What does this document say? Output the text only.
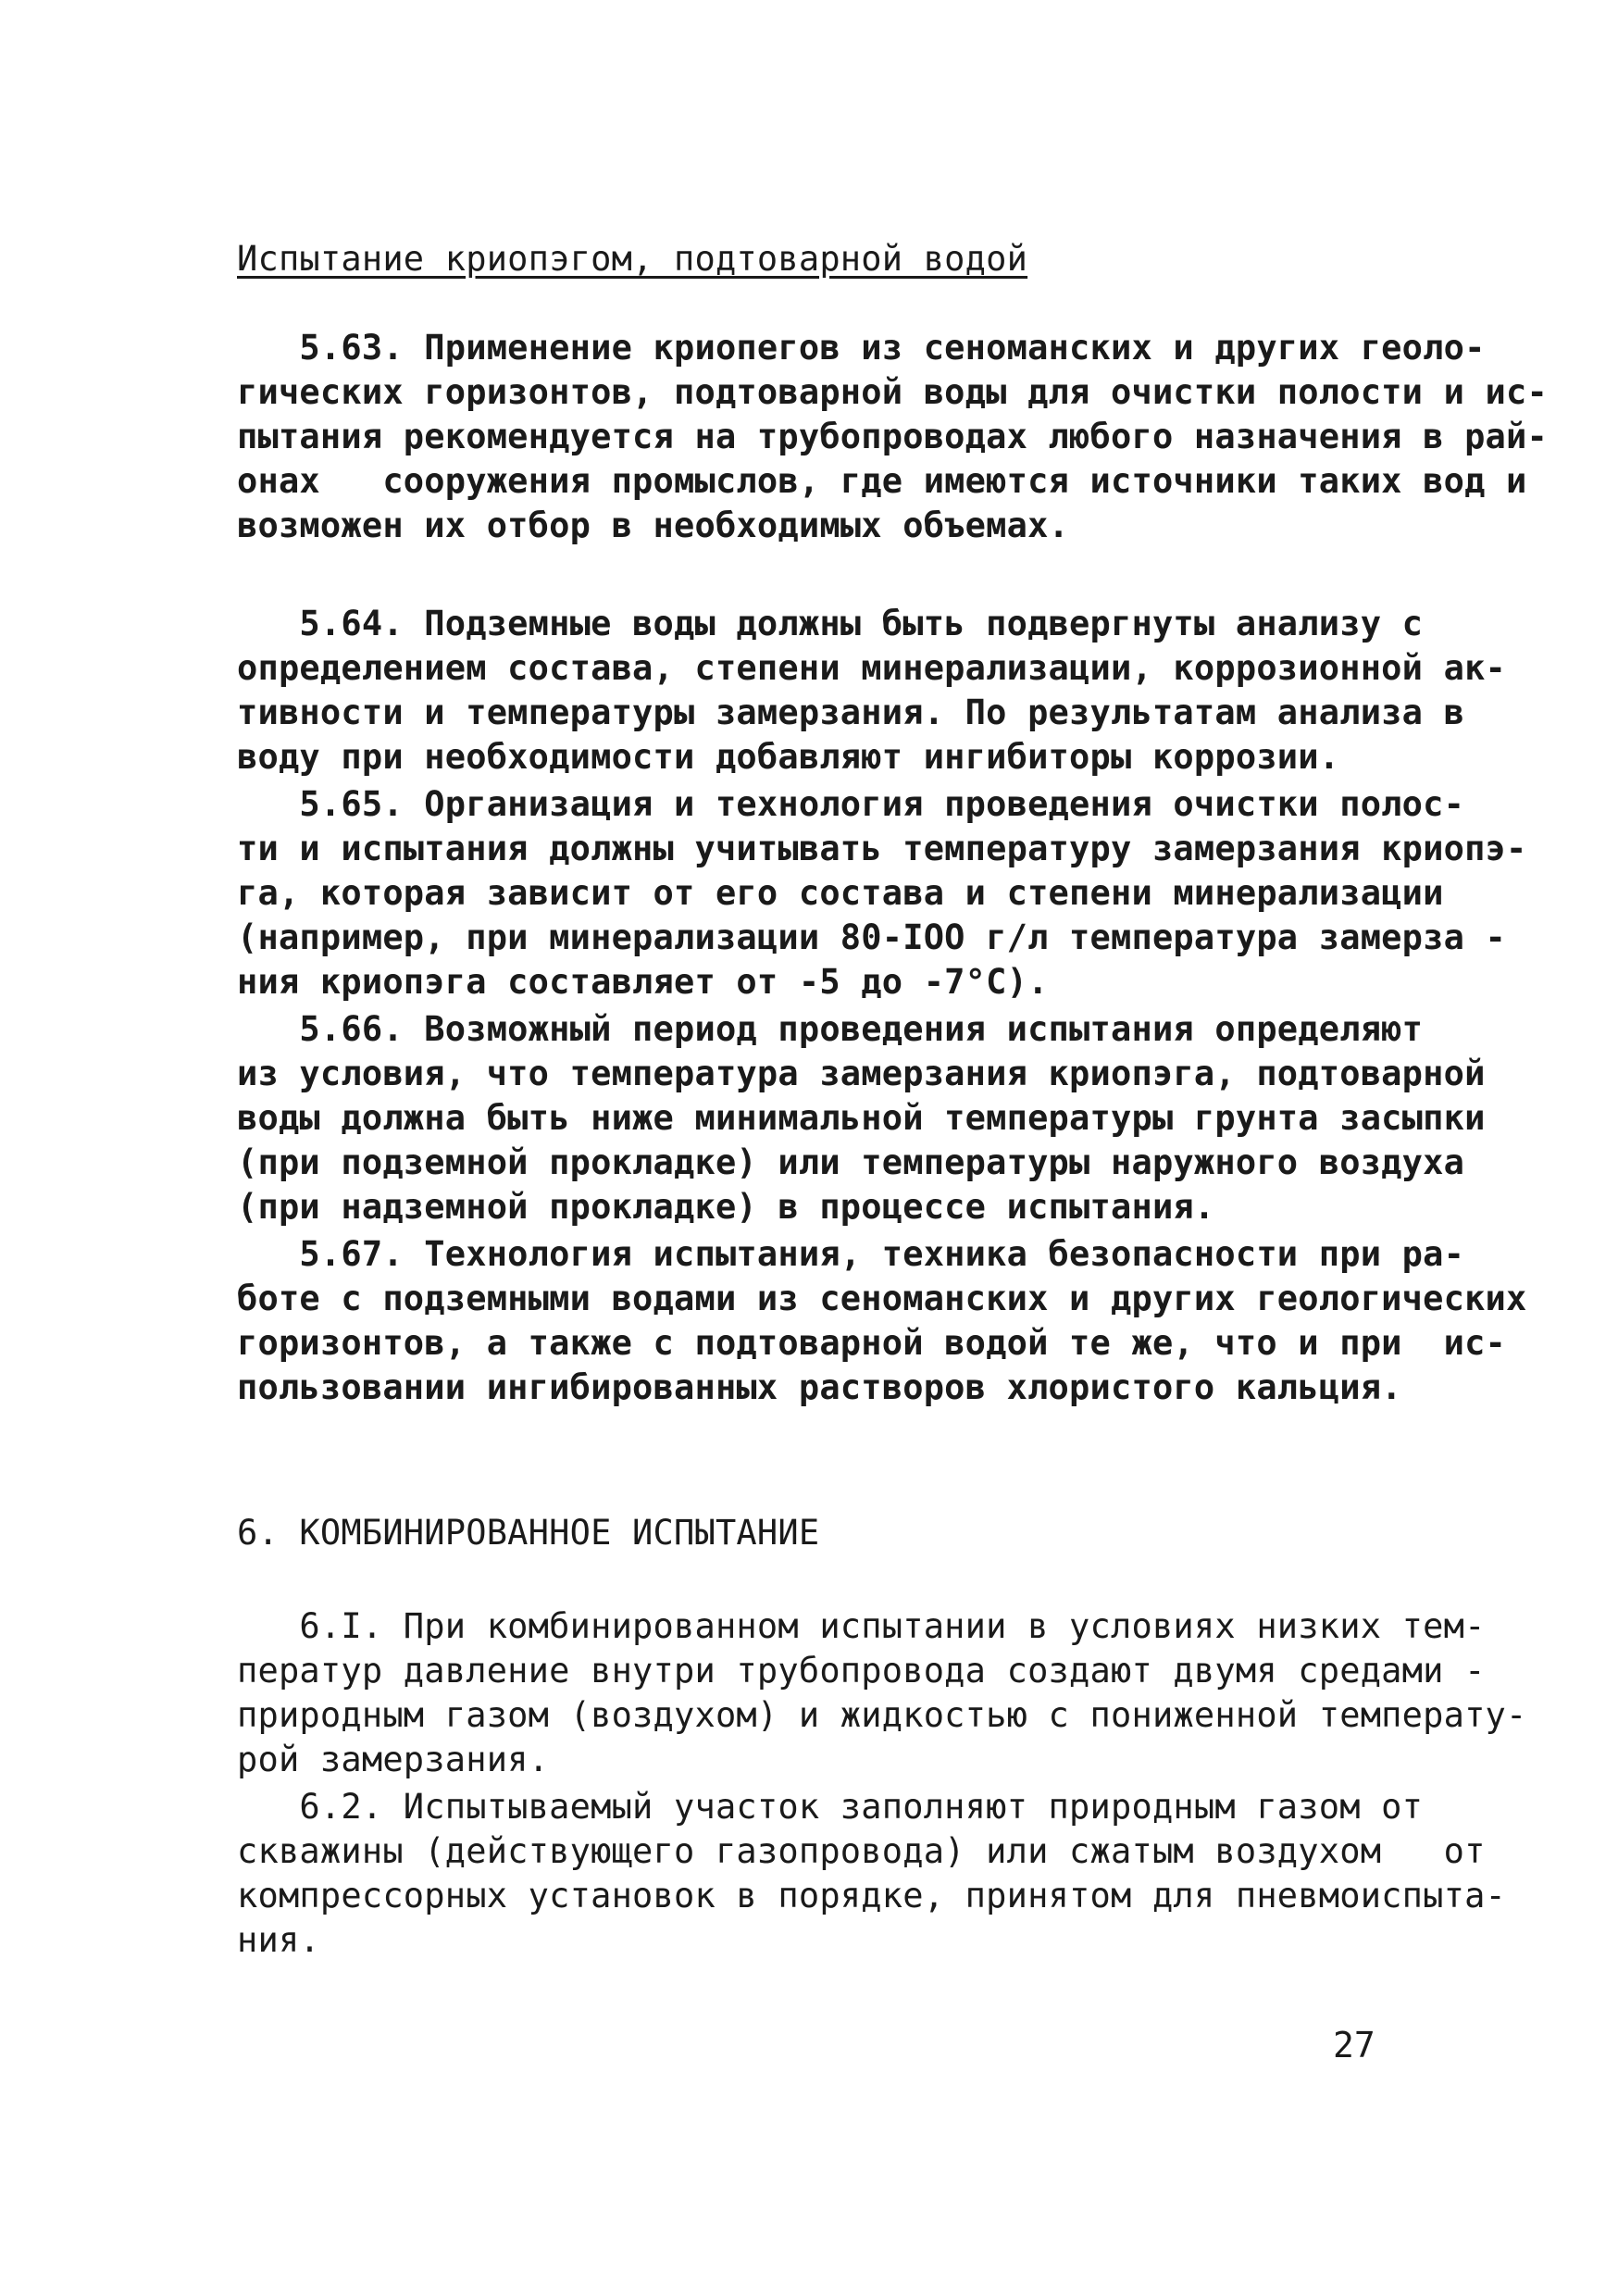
Испытание криопэгом, подтоварной водой
5.63. Применение криопегов из сеноманских и других геоло-
гических горизонтов, подтоварной воды для очистки полости и ис-
пытания рекомендуется на трубопроводах любого назначения в рай-
онах   сооружения промыслов, где имеются источники таких вод и
возможен их отбор в необходимых объемах.
5.64. Подземные воды должны быть подвергнуты анализу с
определением состава, степени минерализации, коррозионной ак-
тивности и температуры замерзания. По результатам анализа в
воду при необходимости добавляют ингибиторы коррозии.
5.65. Организация и технология проведения очистки полос-
ти и испытания должны учитывать температуру замерзания криопэ-
га, которая зависит от его состава и степени минерализации
(например, при минерализации 80-IOO г/л температура замерза -
ния криопэга составляет от -5 до -7°С).
5.66. Возможный период проведения испытания определяют
из условия, что температура замерзания криопэга, подтоварной
воды должна быть ниже минимальной температуры грунта засыпки
(при подземной прокладке) или температуры наружного воздуха
(при надземной прокладке) в процессе испытания.
5.67. Технология испытания, техника безопасности при ра-
боте с подземными водами из сеноманских и других геологических
горизонтов, а также с подтоварной водой те же, что и при  ис-
пользовании ингибированных растворов хлористого кальция.
6. КОМБИНИРОВАННОЕ ИСПЫТАНИЕ
6.I. При комбинированном испытании в условиях низких тем-
ператур давление внутри трубопровода создают двумя средами -
природным газом (воздухом) и жидкостью с пониженной температу-
рой замерзания.
6.2. Испытываемый участок заполняют природным газом от
скважины (действующего газопровода) или сжатым воздухом   от
компрессорных установок в порядке, принятом для пневмоиспыта-
ния.
27
